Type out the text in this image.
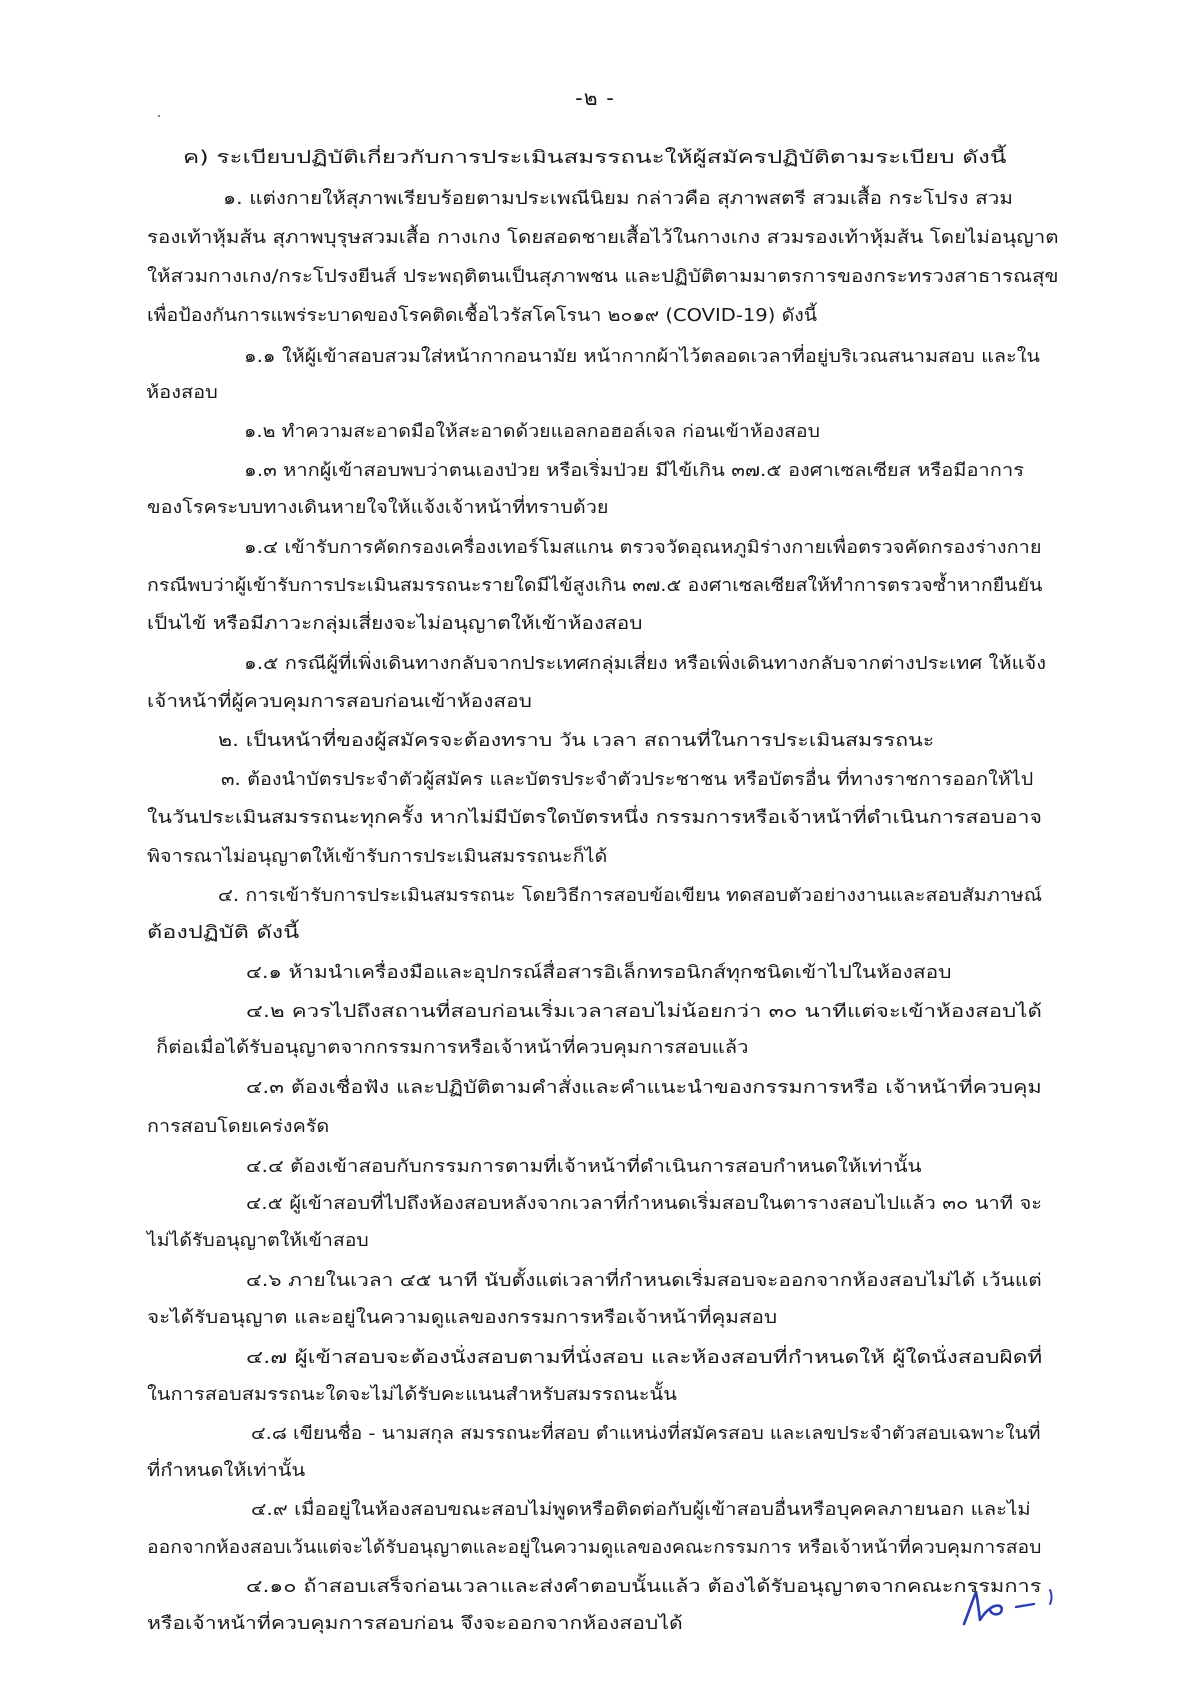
-๒ -
ค) ระเบียบปฏิบัติเกี่ยวกับการประเมินสมรรถนะให้ผู้สมัครปฏิบัติตามระเบียบ ดังนี้
๑. แต่งกายให้สุภาพเรียบร้อยตามประเพณีนิยม กล่าวคือ สุภาพสตรี สวมเสื้อ กระโปรง สวม
รองเท้าหุ้มส้น สุภาพบุรุษสวมเสื้อ กางเกง โดยสอดชายเสื้อไว้ในกางเกง สวมรองเท้าหุ้มส้น โดยไม่อนุญาต
ให้สวมกางเกง/กระโปรงยีนส์ ประพฤติตนเป็นสุภาพชน และปฏิบัติตามมาตรการของกระทรวงสาธารณสุข
เพื่อป้องกันการแพร่ระบาดของโรคติดเชื้อไวรัสโคโรนา ๒๐๑๙ (COVID-19) ดังนี้
๑.๑ ให้ผู้เข้าสอบสวมใส่หน้ากากอนามัย หน้ากากผ้าไว้ตลอดเวลาที่อยู่บริเวณสนามสอบ และใน
ห้องสอบ
๑.๒ ทำความสะอาดมือให้สะอาดด้วยแอลกอฮอล์เจล ก่อนเข้าห้องสอบ
๑.๓ หากผู้เข้าสอบพบว่าตนเองป่วย หรือเริ่มป่วย มีไข้เกิน ๓๗.๕ องศาเซลเซียส หรือมีอาการ
ของโรคระบบทางเดินหายใจให้แจ้งเจ้าหน้าที่ทราบด้วย
๑.๔ เข้ารับการคัดกรองเครื่องเทอร์โมสแกน ตรวจวัดอุณหภูมิร่างกายเพื่อตรวจคัดกรองร่างกาย
กรณีพบว่าผู้เข้ารับการประเมินสมรรถนะรายใดมีไข้สูงเกิน ๓๗.๕ องศาเซลเซียสให้ทำการตรวจซ้ำหากยืนยัน
เป็นไข้ หรือมีภาวะกลุ่มเสี่ยงจะไม่อนุญาตให้เข้าห้องสอบ
๑.๕ กรณีผู้ที่เพิ่งเดินทางกลับจากประเทศกลุ่มเสี่ยง หรือเพิ่งเดินทางกลับจากต่างประเทศ ให้แจ้ง
เจ้าหน้าที่ผู้ควบคุมการสอบก่อนเข้าห้องสอบ
๒. เป็นหน้าที่ของผู้สมัครจะต้องทราบ วัน เวลา สถานที่ในการประเมินสมรรถนะ
๓. ต้องนำบัตรประจำตัวผู้สมัคร และบัตรประจำตัวประชาชน หรือบัตรอื่น ที่ทางราชการออกให้ไป
ในวันประเมินสมรรถนะทุกครั้ง หากไม่มีบัตรใดบัตรหนึ่ง กรรมการหรือเจ้าหน้าที่ดำเนินการสอบอาจ
พิจารณาไม่อนุญาตให้เข้ารับการประเมินสมรรถนะก็ได้
๔. การเข้ารับการประเมินสมรรถนะ โดยวิธีการสอบข้อเขียน ทดสอบตัวอย่างงานและสอบสัมภาษณ์
ต้องปฏิบัติ ดังนี้
๔.๑ ห้ามนำเครื่องมือและอุปกรณ์สื่อสารอิเล็กทรอนิกส์ทุกชนิดเข้าไปในห้องสอบ
๔.๒ ควรไปถึงสถานที่สอบก่อนเริ่มเวลาสอบไม่น้อยกว่า ๓๐ นาทีแต่จะเข้าห้องสอบได้
ก็ต่อเมื่อได้รับอนุญาตจากกรรมการหรือเจ้าหน้าที่ควบคุมการสอบแล้ว
๔.๓ ต้องเชื่อฟัง และปฏิบัติตามคำสั่งและคำแนะนำของกรรมการหรือ เจ้าหน้าที่ควบคุม
การสอบโดยเคร่งครัด
๔.๔ ต้องเข้าสอบกับกรรมการตามที่เจ้าหน้าที่ดำเนินการสอบกำหนดให้เท่านั้น
๔.๕ ผู้เข้าสอบที่ไปถึงห้องสอบหลังจากเวลาที่กำหนดเริ่มสอบในตารางสอบไปแล้ว ๓๐ นาที จะ
ไม่ได้รับอนุญาตให้เข้าสอบ
๔.๖ ภายในเวลา ๔๕ นาที นับตั้งแต่เวลาที่กำหนดเริ่มสอบจะออกจากห้องสอบไม่ได้ เว้นแต่
จะได้รับอนุญาต และอยู่ในความดูแลของกรรมการหรือเจ้าหน้าที่คุมสอบ
๔.๗ ผู้เข้าสอบจะต้องนั่งสอบตามที่นั่งสอบ และห้องสอบที่กำหนดให้ ผู้ใดนั่งสอบผิดที่
ในการสอบสมรรถนะใดจะไม่ได้รับคะแนนสำหรับสมรรถนะนั้น
๔.๘ เขียนชื่อ - นามสกุล สมรรถนะที่สอบ ตำแหน่งที่สมัครสอบ และเลขประจำตัวสอบเฉพาะในที่
ที่กำหนดให้เท่านั้น
๔.๙ เมื่ออยู่ในห้องสอบขณะสอบไม่พูดหรือติดต่อกับผู้เข้าสอบอื่นหรือบุคคลภายนอก และไม่
ออกจากห้องสอบเว้นแต่จะได้รับอนุญาตและอยู่ในความดูแลของคณะกรรมการ หรือเจ้าหน้าที่ควบคุมการสอบ
๔.๑๐ ถ้าสอบเสร็จก่อนเวลาและส่งคำตอบนั้นแล้ว ต้องได้รับอนุญาตจากคณะกรรมการ
หรือเจ้าหน้าที่ควบคุมการสอบก่อน จึงจะออกจากห้องสอบได้
